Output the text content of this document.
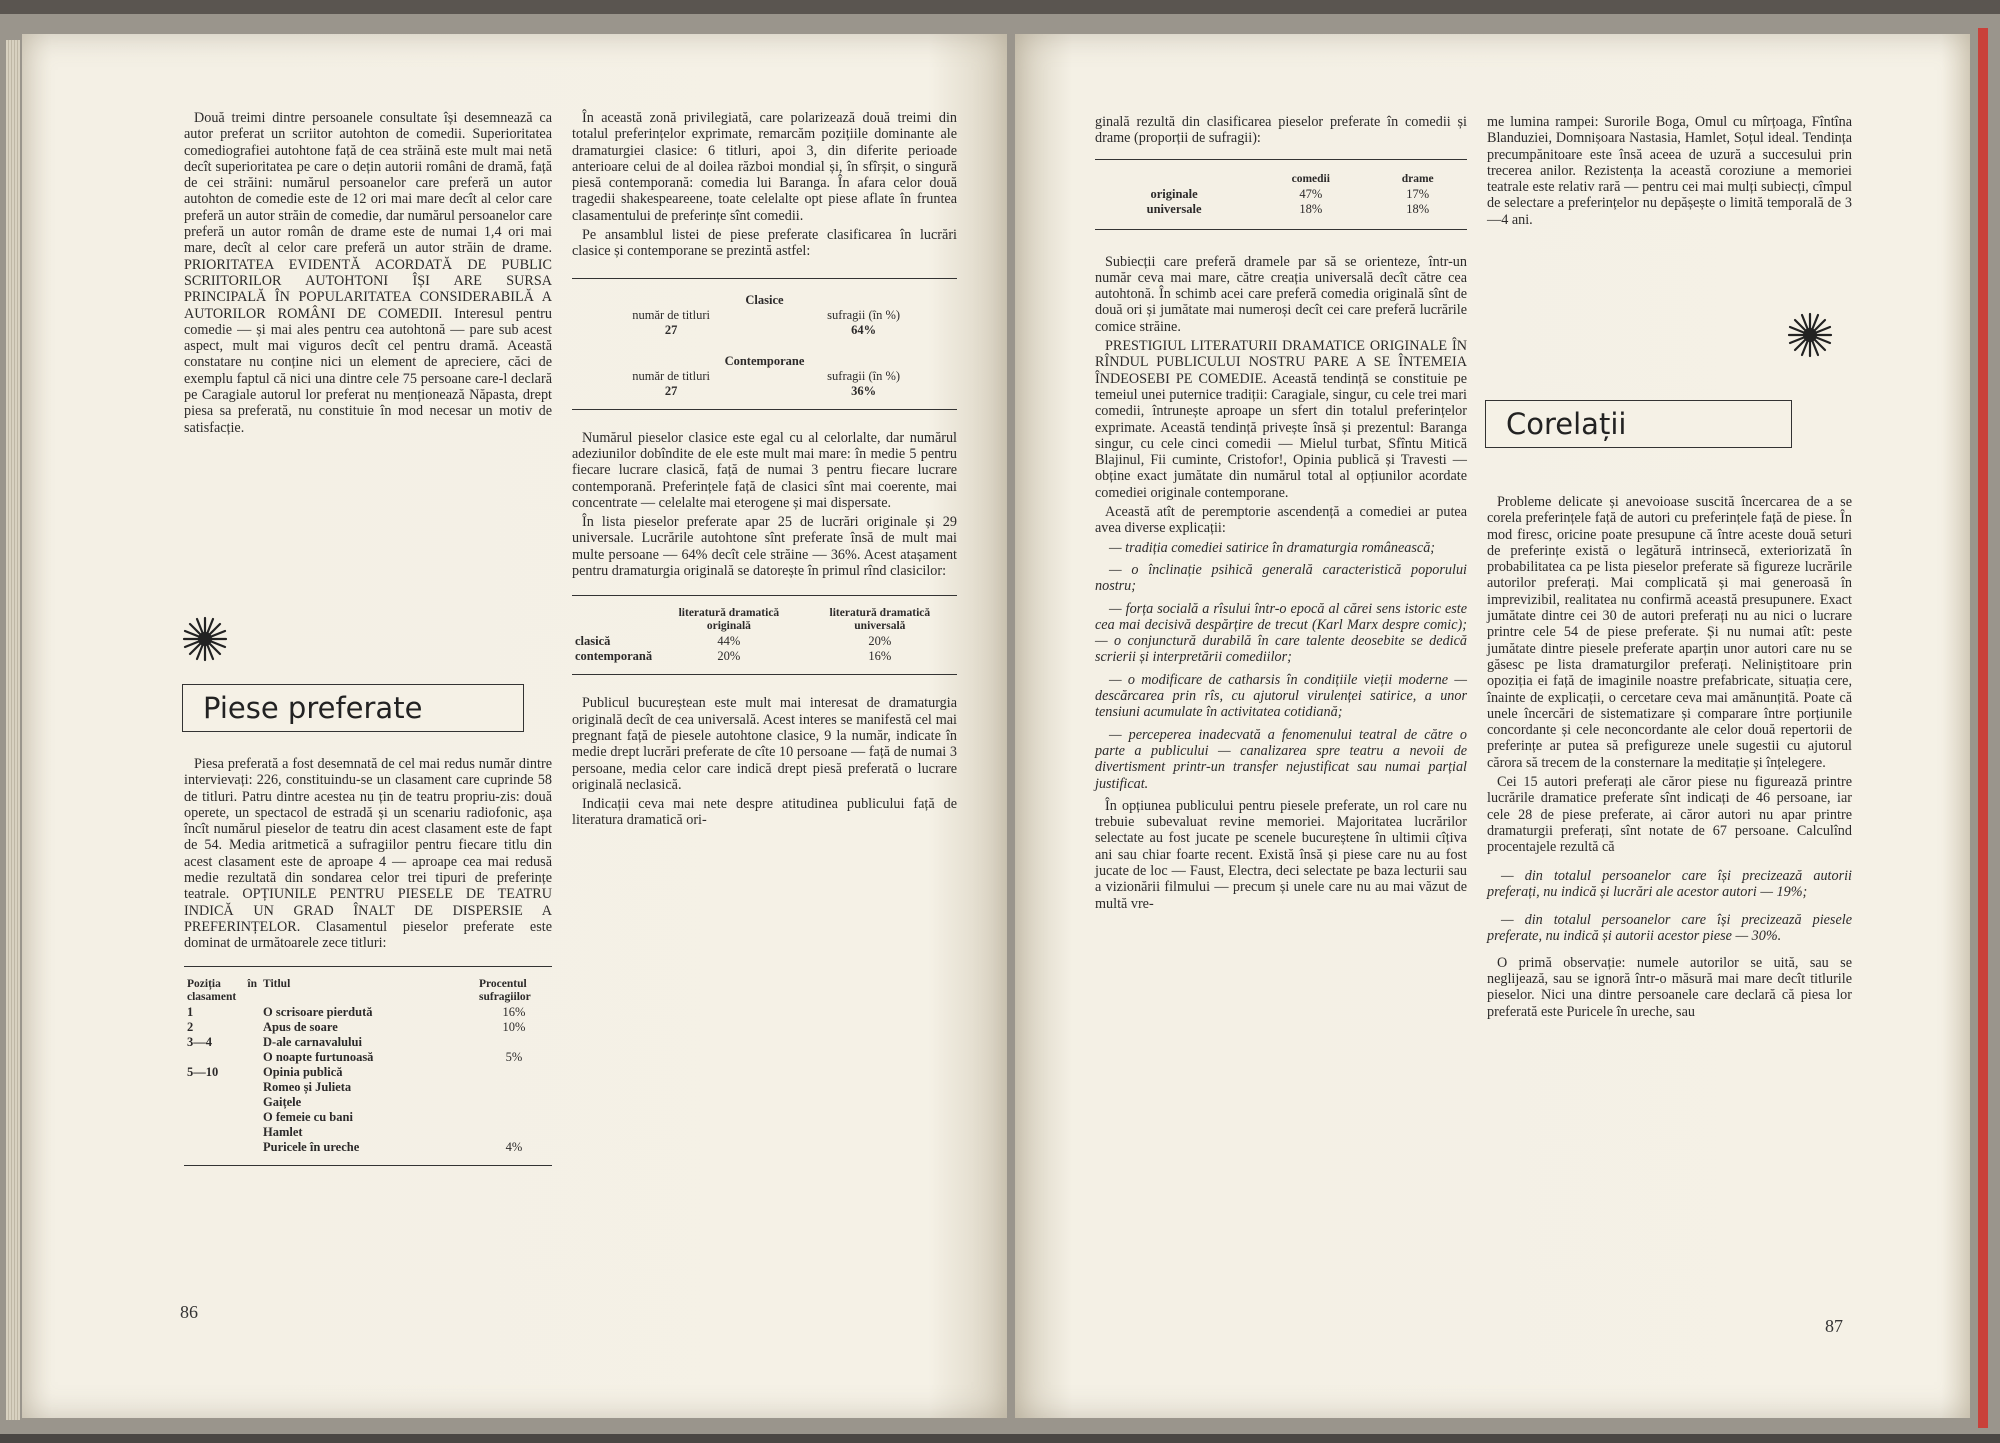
Două treimi dintre persoanele consultate își desemnează ca autor preferat un scriitor autohton de comedii. Superioritatea comediografiei autohtone față de cea străină este mult mai netă decît superioritatea pe care o dețin autorii români de dramă, față de cei străini: numărul persoanelor care preferă un autor autohton de comedie este de 12 ori mai mare decît al celor care preferă un autor străin de comedie, dar numărul persoanelor care preferă un autor român de drame este de numai 1,4 ori mai mare, decît al celor care preferă un autor străin de drame. PRIORITATEA EVIDENTĂ ACORDATĂ DE PUBLIC SCRIITORILOR AUTOHTONI ÎȘI ARE SURSA PRINCIPALĂ ÎN POPULARITATEA CONSIDERABILĂ A AUTORILOR ROMÂNI DE COMEDII. Interesul pentru comedie — și mai ales pentru cea autohtonă — pare sub acest aspect, mult mai viguros decît cel pentru dramă. Această constatare nu conține nici un element de apreciere, căci de exemplu faptul că nici una dintre cele 75 persoane care-l declară pe Caragiale autorul lor preferat nu menționează Năpasta, drept piesa sa preferată, nu constituie în mod necesar un motiv de satisfacție.

Piese preferate

Piesa preferată a fost desemnată de cel mai redus număr dintre intervievați: 226, constituindu-se un clasament care cuprinde 58 de titluri. Patru dintre acestea nu țin de teatru propriu-zis: două operete, un spectacol de estradă și un scenariu radiofonic, așa încît numărul pieselor de teatru din acest clasament este de fapt de 54. Media aritmetică a sufragiilor pentru fiecare titlu din acest clasament este de aproape 4 — aproape cea mai redusă medie rezultată din sondarea celor trei tipuri de preferințe teatrale. OPȚIUNILE PENTRU PIESELE DE TEATRU INDICĂ UN GRAD ÎNALT DE DISPERSIE A PREFERINȚELOR. Clasamentul pieselor preferate este dominat de următoarele zece titluri:

Poziția în clasament	Titlul	Procentul sufragiilor
1	O scrisoare pierdută	16%
2	Apus de soare	10%
3—4	D-ale carnavalului	
	O noapte furtunoasă	5%
5—10	Opinia publică	
	Romeo și Julieta	
	Gaițele	
	O femeie cu bani	
	Hamlet	
	Puricele în ureche	4%

În această zonă privilegiată, care polarizează două treimi din totalul preferințelor exprimate, remarcăm pozițiile dominante ale dramaturgiei clasice: 6 titluri, apoi 3, din diferite perioade anterioare celui de al doilea război mondial și, în sfîrșit, o singură piesă contemporană: comedia lui Baranga. În afara celor două tragedii shakespeareene, toate celelalte opt piese aflate în fruntea clasamentului de preferințe sînt comedii.

Pe ansamblul listei de piese preferate clasificarea în lucrări clasice și contemporane se prezintă astfel:

Clasice	
număr de titluri	sufragii (în %)
27	64%

Contemporane	
număr de titluri	sufragii (în %)
27	36%

Numărul pieselor clasice este egal cu al celorlalte, dar numărul adeziunilor dobîndite de ele este mult mai mare: în medie 5 pentru fiecare lucrare clasică, față de numai 3 pentru fiecare lucrare contemporană. Preferințele față de clasici sînt mai coerente, mai concentrate — celelalte mai eterogene și mai dispersate.

În lista pieselor preferate apar 25 de lucrări originale și 29 universale. Lucrările autohtone sînt preferate însă de mult mai multe persoane — 64% decît cele străine — 36%. Acest atașament pentru dramaturgia originală se datorește în primul rînd clasicilor:

	literatură dramatică originală	literatură dramatică universală
clasică	44%	20%
contemporană	20%	16%

Publicul bucureștean este mult mai interesat de dramaturgia originală decît de cea universală. Acest interes se manifestă cel mai pregnant față de piesele autohtone clasice, 9 la număr, indicate în medie drept lucrări preferate de cîte 10 persoane — față de numai 3 persoane, media celor care indică drept piesă preferată o lucrare originală neclasică.

Indicații ceva mai nete despre atitudinea publicului față de literatura dramatică ori-

86

ginală rezultă din clasificarea pieselor preferate în comedii și drame (proporții de sufragii):

	comedii	drame
originale	47%	17%
universale	18%	18%

Subiecții care preferă dramele par să se orienteze, într-un număr ceva mai mare, către creația universală decît către cea autohtonă. În schimb acei care preferă comedia originală sînt de două ori și jumătate mai numeroși decît cei care preferă lucrările comice străine.

PRESTIGIUL LITERATURII DRAMATICE ORIGINALE ÎN RÎNDUL PUBLICULUI NOSTRU PARE A SE ÎNTEMEIA ÎNDEOSEBI PE COMEDIE. Această tendință se constituie pe temeiul unei puternice tradiții: Caragiale, singur, cu cele trei mari comedii, întrunește aproape un sfert din totalul preferințelor exprimate. Această tendință privește însă și prezentul: Baranga singur, cu cele cinci comedii — Mielul turbat, Sfîntu Mitică Blajinul, Fii cuminte, Cristofor!, Opinia publică și Travesti — obține exact jumătate din numărul total al opțiunilor acordate comediei originale contemporane.

Această atît de peremptorie ascendență a comediei ar putea avea diverse explicații:

— tradiția comediei satirice în dramaturgia românească;

— o înclinație psihică generală caracteristică poporului nostru;

— forța socială a rîsului într-o epocă al cărei sens istoric este cea mai decisivă despărțire de trecut (Karl Marx despre comic); — o conjunctură durabilă în care talente deosebite se dedică scrierii și interpretării comediilor;

— o modificare de catharsis în condițiile vieții moderne — descărcarea prin rîs, cu ajutorul virulenței satirice, a unor tensiuni acumulate în activitatea cotidiană;

— perceperea inadecvată a fenomenului teatral de către o parte a publicului — canalizarea spre teatru a nevoii de divertisment printr-un transfer nejustificat sau numai parțial justificat.

În opțiunea publicului pentru piesele preferate, un rol care nu trebuie subevaluat revine memoriei. Majoritatea lucrărilor selectate au fost jucate pe scenele bucureștene în ultimii cîțiva ani sau chiar foarte recent. Există însă și piese care nu au fost jucate de loc — Faust, Electra, deci selectate pe baza lecturii sau a vizionării filmului — precum și unele care nu au mai văzut de multă vre-

me lumina rampei: Surorile Boga, Omul cu mîrțoaga, Fîntîna Blanduziei, Domnișoara Nastasia, Hamlet, Soțul ideal. Tendința precumpănitoare este însă aceea de uzură a succesului prin trecerea anilor. Rezistența la această coroziune a memoriei teatrale este relativ rară — pentru cei mai mulți subiecți, cîmpul de selectare a preferințelor nu depășește o limită temporală de 3—4 ani.

Corelații

Probleme delicate și anevoioase suscită încercarea de a se corela preferințele față de autori cu preferințele față de piese. În mod firesc, oricine poate presupune că între aceste două seturi de preferințe există o legătură intrinsecă, exteriorizată în probabilitatea ca pe lista pieselor preferate să figureze lucrările autorilor preferați. Mai complicată și mai generoasă în imprevizibil, realitatea nu confirmă această presupunere. Exact jumătate dintre cei 30 de autori preferați nu au nici o lucrare printre cele 54 de piese preferate. Și nu numai atît: peste jumătate dintre piesele preferate aparțin unor autori care nu se găsesc pe lista dramaturgilor preferați. Neliniștitoare prin opoziția ei față de imaginile noastre prefabricate, situația cere, înainte de explicații, o cercetare ceva mai amănunțită. Poate că unele încercări de sistematizare și comparare între porțiunile concordante și cele neconcordante ale celor două repertorii de preferințe ar putea să prefigureze unele sugestii cu ajutorul cărora să trecem de la consternare la meditație și înțelegere.

Cei 15 autori preferați ale căror piese nu figurează printre lucrările dramatice preferate sînt indicați de 46 persoane, iar cele 28 de piese preferate, ai căror autori nu apar printre dramaturgii preferați, sînt notate de 67 persoane. Calculînd procentajele rezultă că

— din totalul persoanelor care își precizează autorii preferați, nu indică și lucrări ale acestor autori — 19%;

— din totalul persoanelor care își precizează piesele preferate, nu indică și autorii acestor piese — 30%.

O primă observație: numele autorilor se uită, sau se neglijează, sau se ignoră într-o măsură mai mare decît titlurile pieselor. Nici una dintre persoanele care declară că piesa lor preferată este Puricele în ureche, sau

87
